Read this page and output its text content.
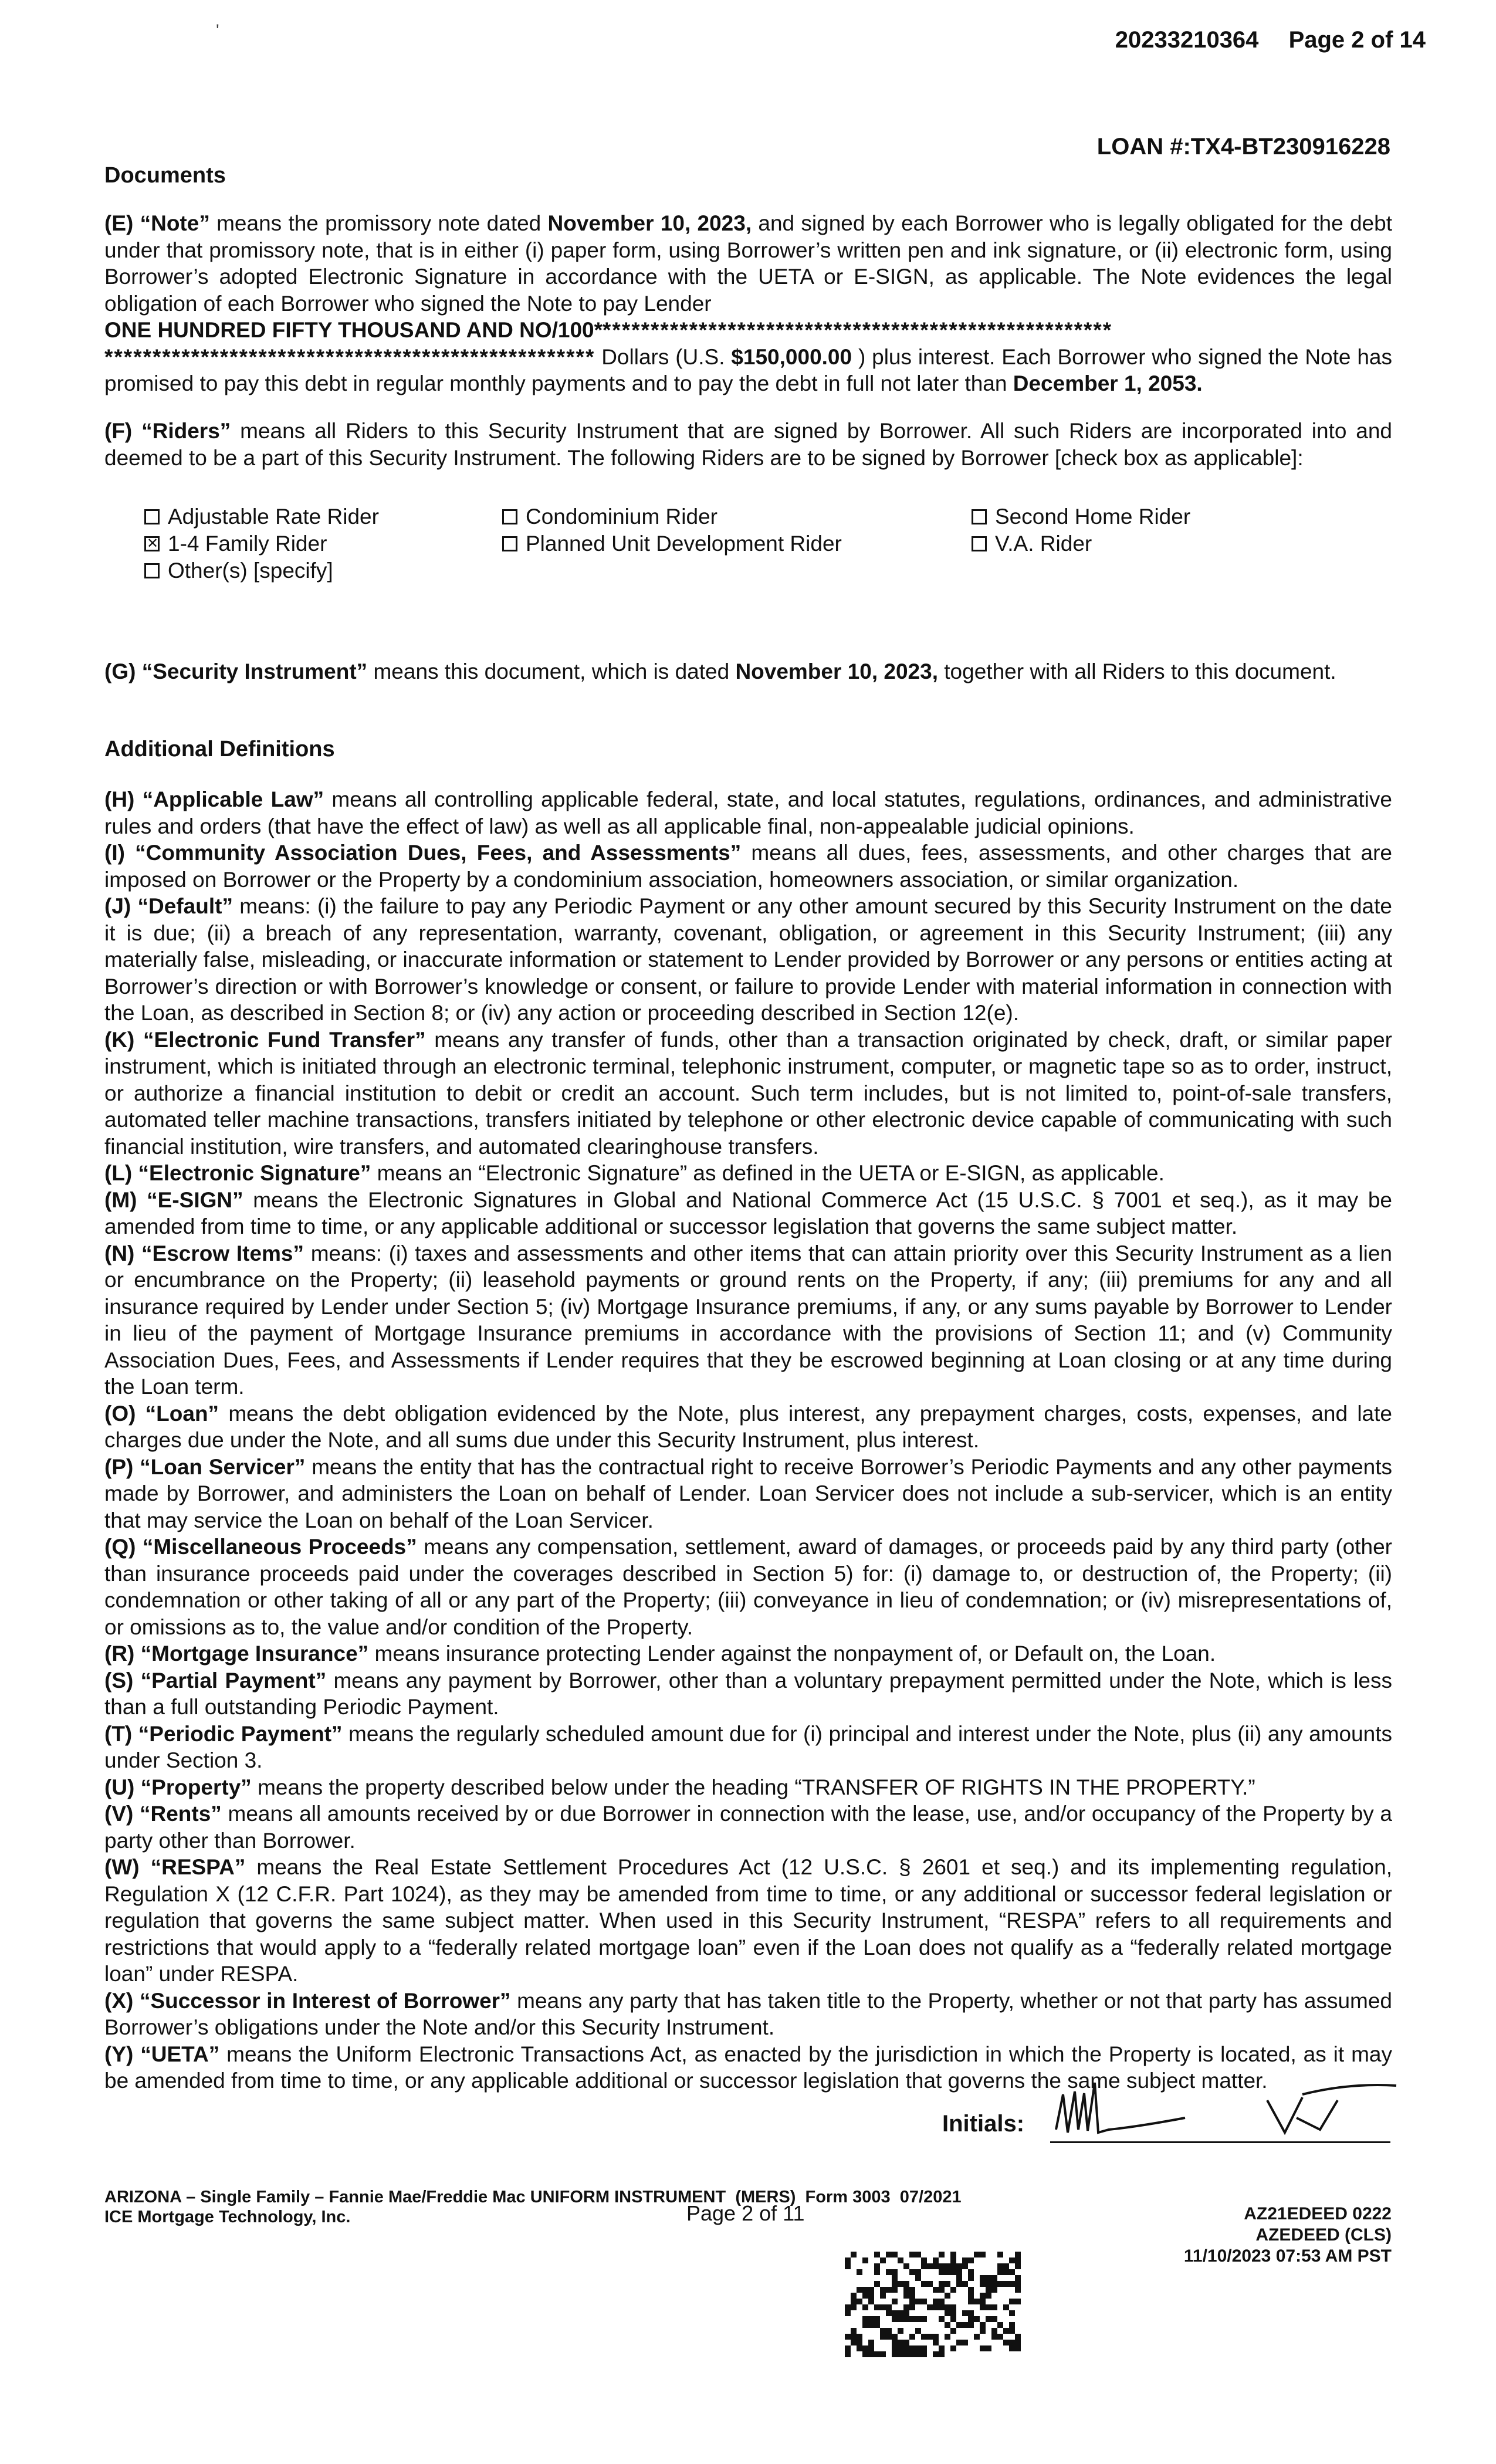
'	20233210364 Page 2 of 14
LOAN #:TX4-BT230916228
Documents

(E) “Note” means the promissory note dated November 10, 2023, and signed by each Borrower who is legally obligated for the debt under that promissory note, that is in either (i) paper form, using Borrower’s written pen and ink signature, or (ii) electronic form, using Borrower’s adopted Electronic Signature in accordance with the UETA or E-SIGN, as applicable. The Note evidences the legal obligation of each Borrower who signed the Note to pay Lender
ONE HUNDRED FIFTY THOUSAND AND NO/100******************************************************
*************************************************** Dollars (U.S. $150,000.00 ) plus interest. Each Borrower who signed the Note has promised to pay this debt in regular monthly payments and to pay the debt in full not later than December 1, 2053.

(F) “Riders” means all Riders to this Security Instrument that are signed by Borrower. All such Riders are incorporated into and deemed to be a part of this Security Instrument. The following Riders are to be signed by Borrower [check box as applicable]:

Adjustable Rate Rider	Condominium Rider	Second Home Rider
✕
1-4 Family Rider	Planned Unit Development Rider	V.A. Rider
Other(s) [specify]

(G) “Security Instrument” means this document, which is dated November 10, 2023, together with all Riders to this document.

Additional Definitions

(H) “Applicable Law” means all controlling applicable federal, state, and local statutes, regulations, ordinances, and administrative rules and orders (that have the effect of law) as well as all applicable final, non-appealable judicial opinions.

(I) “Community Association Dues, Fees, and Assessments” means all dues, fees, assessments, and other charges that are imposed on Borrower or the Property by a condominium association, homeowners association, or similar organization.

(J) “Default” means: (i) the failure to pay any Periodic Payment or any other amount secured by this Security Instrument on the date it is due; (ii) a breach of any representation, warranty, covenant, obligation, or agreement in this Security Instrument; (iii) any materially false, misleading, or inaccurate information or statement to Lender provided by Borrower or any persons or entities acting at Borrower’s direction or with Borrower’s knowledge or consent, or failure to provide Lender with material information in connection with the Loan, as described in Section 8; or (iv) any action or proceeding described in Section 12(e).

(K) “Electronic Fund Transfer” means any transfer of funds, other than a transaction originated by check, draft, or similar paper instrument, which is initiated through an electronic terminal, telephonic instrument, computer, or magnetic tape so as to order, instruct, or authorize a financial institution to debit or credit an account. Such term includes, but is not limited to, point-of-sale transfers, automated teller machine transactions, transfers initiated by telephone or other electronic device capable of communicating with such financial institution, wire transfers, and automated clearinghouse transfers.

(L) “Electronic Signature” means an “Electronic Signature” as defined in the UETA or E-SIGN, as applicable.

(M) “E-SIGN” means the Electronic Signatures in Global and National Commerce Act (15 U.S.C. § 7001 et seq.), as it may be amended from time to time, or any applicable additional or successor legislation that governs the same subject matter.

(N) “Escrow Items” means: (i) taxes and assessments and other items that can attain priority over this Security Instrument as a lien or encumbrance on the Property; (ii) leasehold payments or ground rents on the Property, if any; (iii) premiums for any and all insurance required by Lender under Section 5; (iv) Mortgage Insurance premiums, if any, or any sums payable by Borrower to Lender in lieu of the payment of Mortgage Insurance premiums in accordance with the provisions of Section 11; and (v) Community Association Dues, Fees, and Assessments if Lender requires that they be escrowed beginning at Loan closing or at any time during the Loan term.

(O) “Loan” means the debt obligation evidenced by the Note, plus interest, any prepayment charges, costs, expenses, and late charges due under the Note, and all sums due under this Security Instrument, plus interest.

(P) “Loan Servicer” means the entity that has the contractual right to receive Borrower’s Periodic Payments and any other payments made by Borrower, and administers the Loan on behalf of Lender. Loan Servicer does not include a sub-servicer, which is an entity that may service the Loan on behalf of the Loan Servicer.

(Q) “Miscellaneous Proceeds” means any compensation, settlement, award of damages, or proceeds paid by any third party (other than insurance proceeds paid under the coverages described in Section 5) for: (i) damage to, or destruction of, the Property; (ii) condemnation or other taking of all or any part of the Property; (iii) conveyance in lieu of condemnation; or (iv) misrepresentations of, or omissions as to, the value and/or condition of the Property.

(R) “Mortgage Insurance” means insurance protecting Lender against the nonpayment of, or Default on, the Loan.

(S) “Partial Payment” means any payment by Borrower, other than a voluntary prepayment permitted under the Note, which is less than a full outstanding Periodic Payment.

(T) “Periodic Payment” means the regularly scheduled amount due for (i) principal and interest under the Note, plus (ii) any amounts under Section 3.

(U) “Property” means the property described below under the heading “TRANSFER OF RIGHTS IN THE PROPERTY.”

(V) “Rents” means all amounts received by or due Borrower in connection with the lease, use, and/or occupancy of the Property by a party other than Borrower.

(W) “RESPA” means the Real Estate Settlement Procedures Act (12 U.S.C. § 2601 et seq.) and its implementing regulation, Regulation X (12 C.F.R. Part 1024), as they may be amended from time to time, or any additional or successor federal legislation or regulation that governs the same subject matter. When used in this Security Instrument, “RESPA” refers to all requirements and restrictions that would apply to a “federally related mortgage loan” even if the Loan does not qualify as a “federally related mortgage loan” under RESPA.

(X) “Successor in Interest of Borrower” means any party that has taken title to the Property, whether or not that party has assumed Borrower’s obligations under the Note and/or this Security Instrument.

(Y) “UETA” means the Uniform Electronic Transactions Act, as enacted by the jurisdiction in which the Property is located, as it may be amended from time to time, or any applicable additional or successor legislation that governs the same subject matter.

Initials:
ARIZONA – Single Family – Fannie Mae/Freddie Mac UNIFORM INSTRUMENT (MERS) Form 3003 07/2021
ICE Mortgage Technology, Inc.	Page 2 of 11	AZ21EDEED 0222
AZEDEED (CLS)
11/10/2023 07:53 AM PST
